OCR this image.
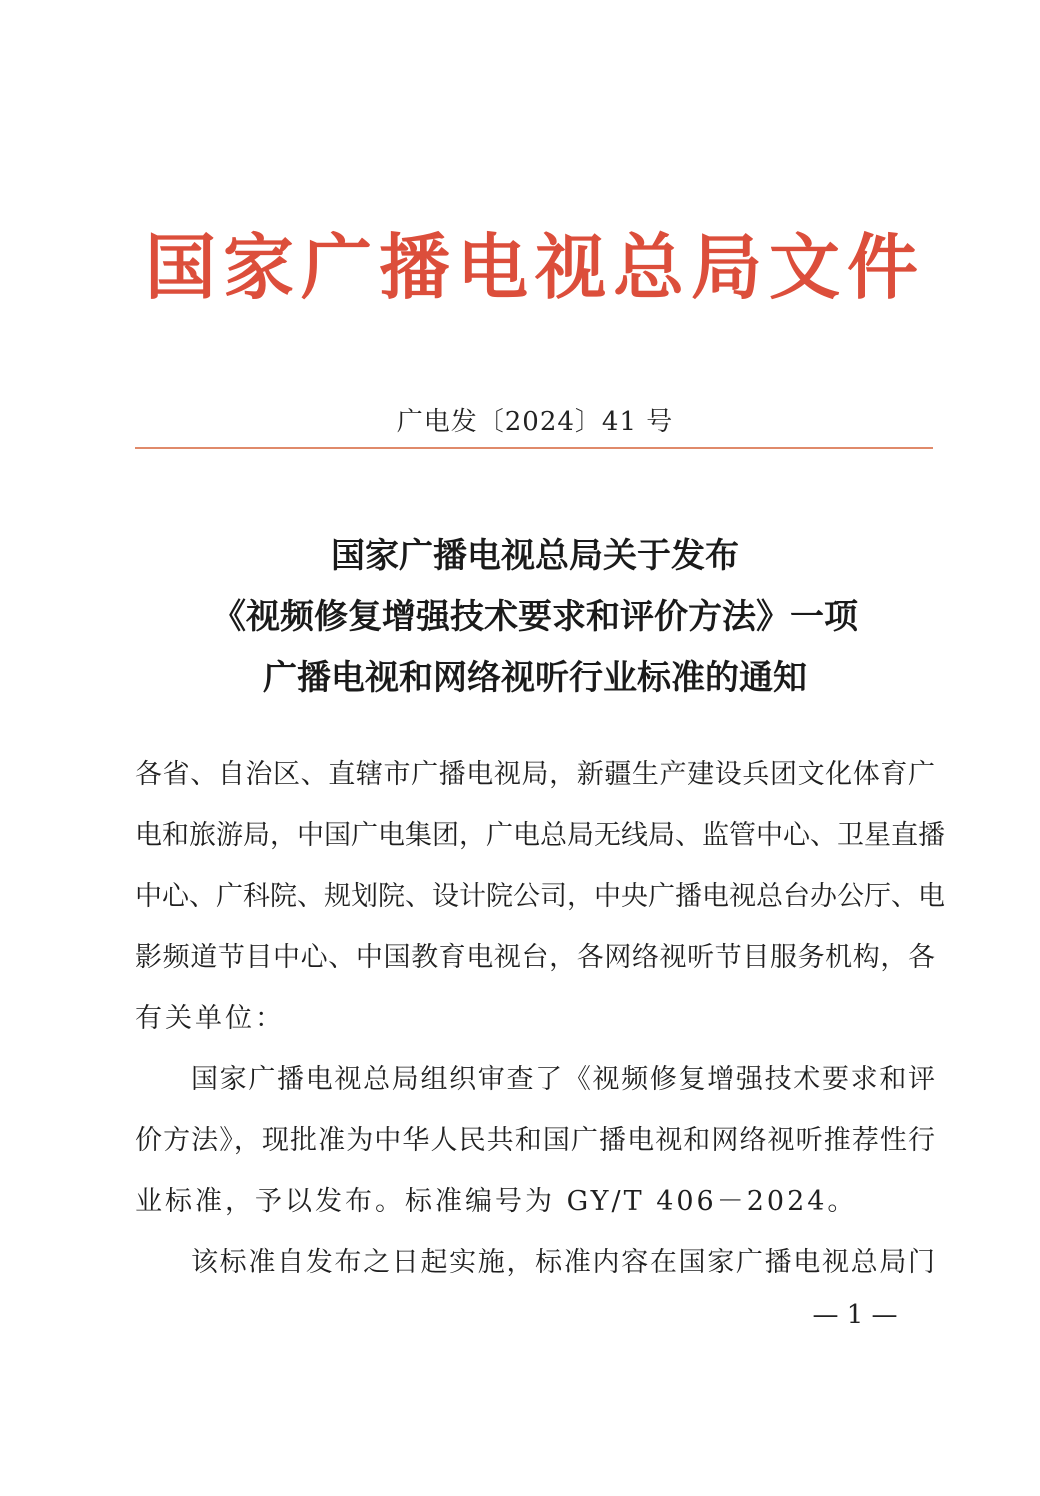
国家广播电视总局文件
广电发〔2024〕41 号
国家广播电视总局关于发布
《视频修复增强技术要求和评价方法》一项
广播电视和网络视听行业标准的通知
各省、自治区、直辖市广播电视局，新疆生产建设兵团文化体育广
电和旅游局，中国广电集团，广电总局无线局、监管中心、卫星直播
中心、广科院、规划院、设计院公司，中央广播电视总台办公厅、电
影频道节目中心、中国教育电视台，各网络视听节目服务机构，各
有关单位：
国家广播电视总局组织审查了《视频修复增强技术要求和评
价方法》，现批准为中华人民共和国广播电视和网络视听推荐性行
业标准，予以发布。标准编号为 GY/T 406－2024。
该标准自发布之日起实施，标准内容在国家广播电视总局门
— 1 —
